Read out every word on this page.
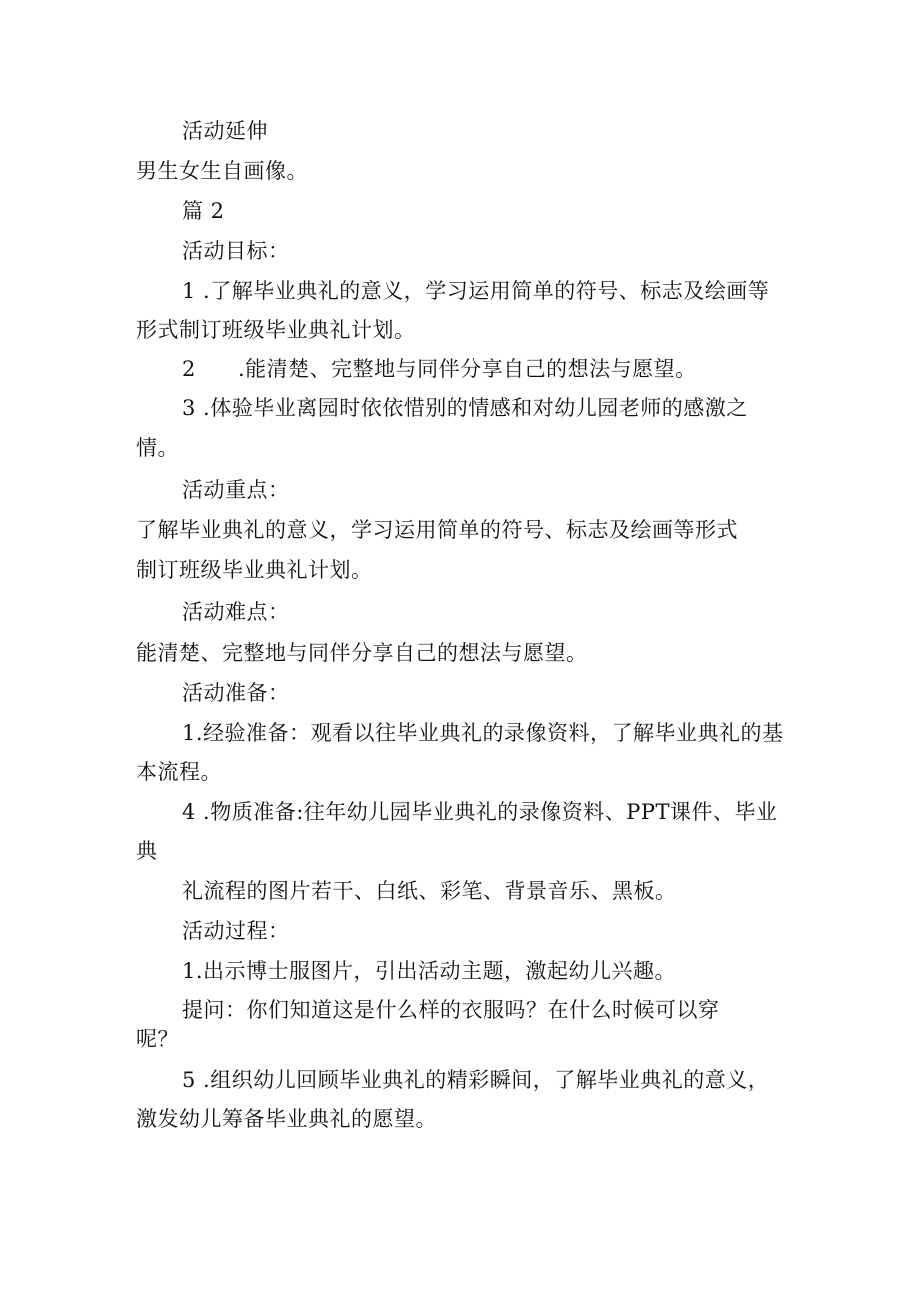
活动延伸
男生女生自画像。
篇 2
活动目标：
1 .了解毕业典礼的意义，学习运用简单的符号、标志及绘画等
形式制订班级毕业典礼计划。
2 .能清楚、完整地与同伴分享自己的想法与愿望。
3 .体验毕业离园时依依惜别的情感和对幼儿园老师的感激之
情。
活动重点：
了解毕业典礼的意义，学习运用简单的符号、标志及绘画等形式
制订班级毕业典礼计划。
活动难点：
能清楚、完整地与同伴分享自己的想法与愿望。
活动准备：
1.经验准备：观看以往毕业典礼的录像资料，了解毕业典礼的基
本流程。
4 .物质准备:往年幼儿园毕业典礼的录像资料、PPT课件、毕业
典
礼流程的图片若干、白纸、彩笔、背景音乐、黑板。
活动过程：
1.出示博士服图片，引出活动主题，激起幼儿兴趣。
提问：你们知道这是什么样的衣服吗？在什么时候可以穿
呢？
5 .组织幼儿回顾毕业典礼的精彩瞬间，了解毕业典礼的意义，
激发幼儿筹备毕业典礼的愿望。
